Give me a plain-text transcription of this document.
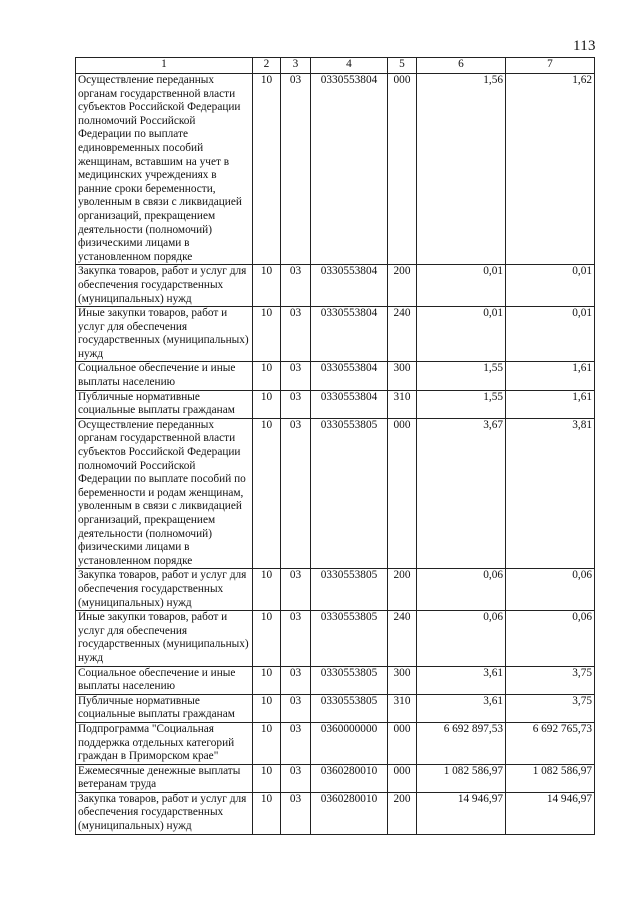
113
1	2	3	4	5	6	7
Осуществление переданных органам государственной власти субъектов Российской Федерации полномочий Российской Федерации по выплате единовременных пособий женщинам, вставшим на учет в медицинских учреждениях в ранние сроки беременности, уволенным в связи с ликвидацией организаций, прекращением деятельности (полномочий) физическими лицами в установленном порядке	10	03	0330553804	000	1,56	1,62
Закупка товаров, работ и услуг для обеспечения государственных (муниципальных) нужд	10	03	0330553804	200	0,01	0,01
Иные закупки товаров, работ и услуг для обеспечения государственных (муниципальных) нужд	10	03	0330553804	240	0,01	0,01
Социальное обеспечение и иные выплаты населению	10	03	0330553804	300	1,55	1,61
Публичные нормативные социальные выплаты гражданам	10	03	0330553804	310	1,55	1,61
Осуществление переданных органам государственной власти субъектов Российской Федерации полномочий Российской Федерации по выплате пособий по беременности и родам женщинам, уволенным в связи с ликвидацией организаций, прекращением деятельности (полномочий) физическими лицами в установленном порядке	10	03	0330553805	000	3,67	3,81
Закупка товаров, работ и услуг для обеспечения государственных (муниципальных) нужд	10	03	0330553805	200	0,06	0,06
Иные закупки товаров, работ и услуг для обеспечения государственных (муниципальных) нужд	10	03	0330553805	240	0,06	0,06
Социальное обеспечение и иные выплаты населению	10	03	0330553805	300	3,61	3,75
Публичные нормативные социальные выплаты гражданам	10	03	0330553805	310	3,61	3,75
Подпрограмма "Социальная поддержка отдельных категорий граждан в Приморском крае"	10	03	0360000000	000	6 692 897,53	6 692 765,73
Ежемесячные денежные выплаты ветеранам труда	10	03	0360280010	000	1 082 586,97	1 082 586,97
Закупка товаров, работ и услуг для обеспечения государственных (муниципальных) нужд	10	03	0360280010	200	14 946,97	14 946,97
